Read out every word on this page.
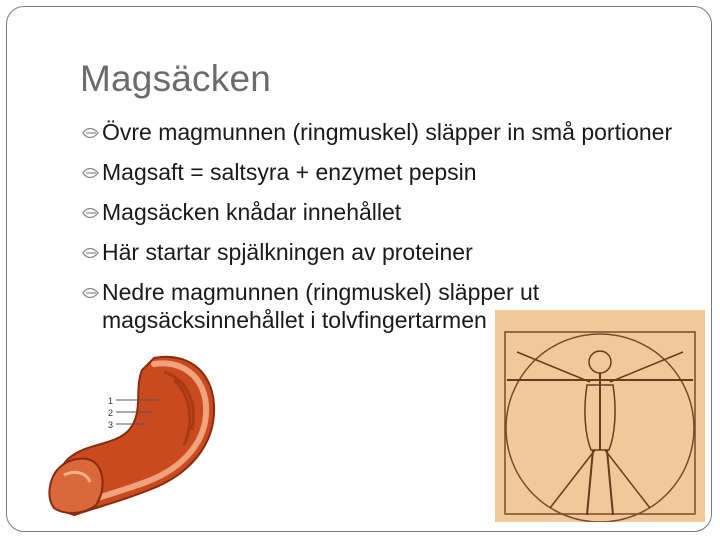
Magsäcken
Övre magmunnen (ringmuskel) släpper in små portioner
Magsaft = saltsyra + enzymet pepsin
Magsäcken knådar innehållet
Här startar spjälkningen av proteiner
Nedre magmunnen (ringmuskel) släpper ut magsäcksinnehållet i tolvfingertarmen
1
2
3
